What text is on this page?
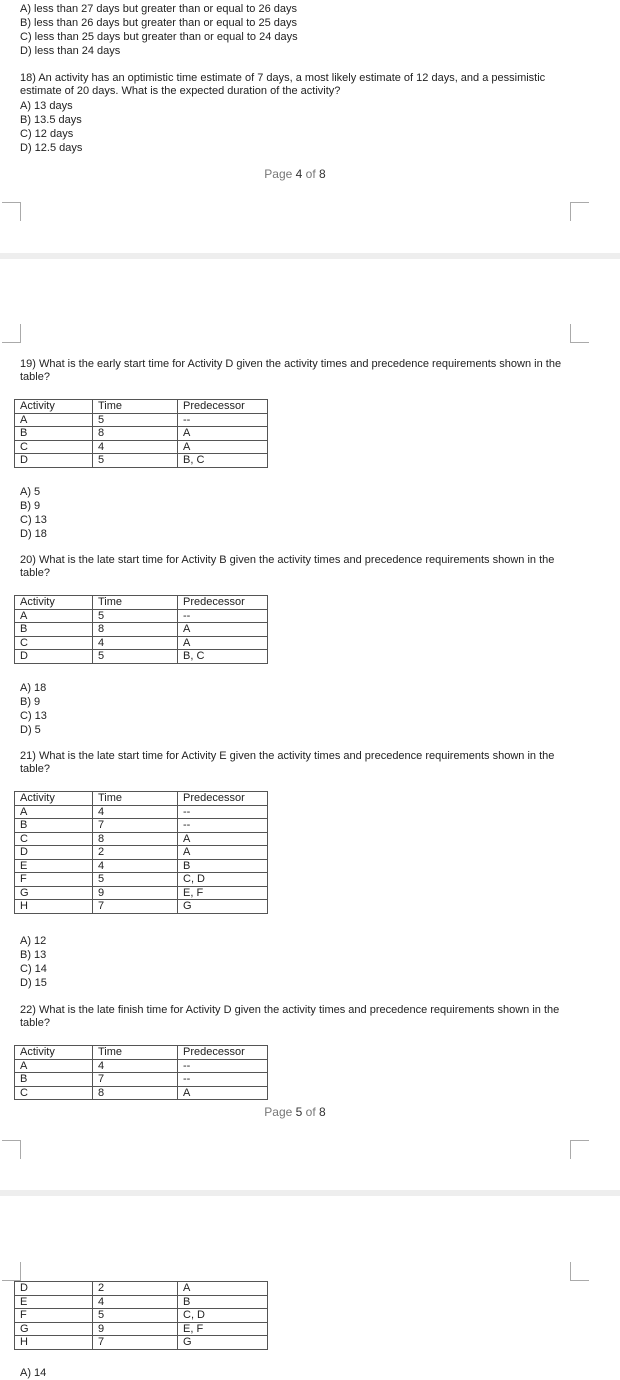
A) less than 27 days but greater than or equal to 26 days
B) less than 26 days but greater than or equal to 25 days
C) less than 25 days but greater than or equal to 24 days
D) less than 24 days
18) An activity has an optimistic time estimate of 7 days, a most likely estimate of 12 days, and a pessimistic estimate of 20 days. What is the expected duration of the activity?
A) 13 days
B) 13.5 days
C) 12 days
D) 12.5 days
Page 4 of 8
19) What is the early start time for Activity D given the activity times and precedence requirements shown in the table?
Activity	Time	Predecessor
A	5	--
B	8	A
C	4	A
D	5	B, C
A) 5
B) 9
C) 13
D) 18
20) What is the late start time for Activity B given the activity times and precedence requirements shown in the table?
Activity	Time	Predecessor
A	5	--
B	8	A
C	4	A
D	5	B, C
A) 18
B) 9
C) 13
D) 5
21) What is the late start time for Activity E given the activity times and precedence requirements shown in the table?
Activity	Time	Predecessor
A	4	--
B	7	--
C	8	A
D	2	A
E	4	B
F	5	C, D
G	9	E, F
H	7	G
A) 12
B) 13
C) 14
D) 15
22) What is the late finish time for Activity D given the activity times and precedence requirements shown in the table?
Activity	Time	Predecessor
A	4	--
B	7	--
C	8	A
Page 5 of 8
D	2	A
E	4	B
F	5	C, D
G	9	E, F
H	7	G
A) 14
